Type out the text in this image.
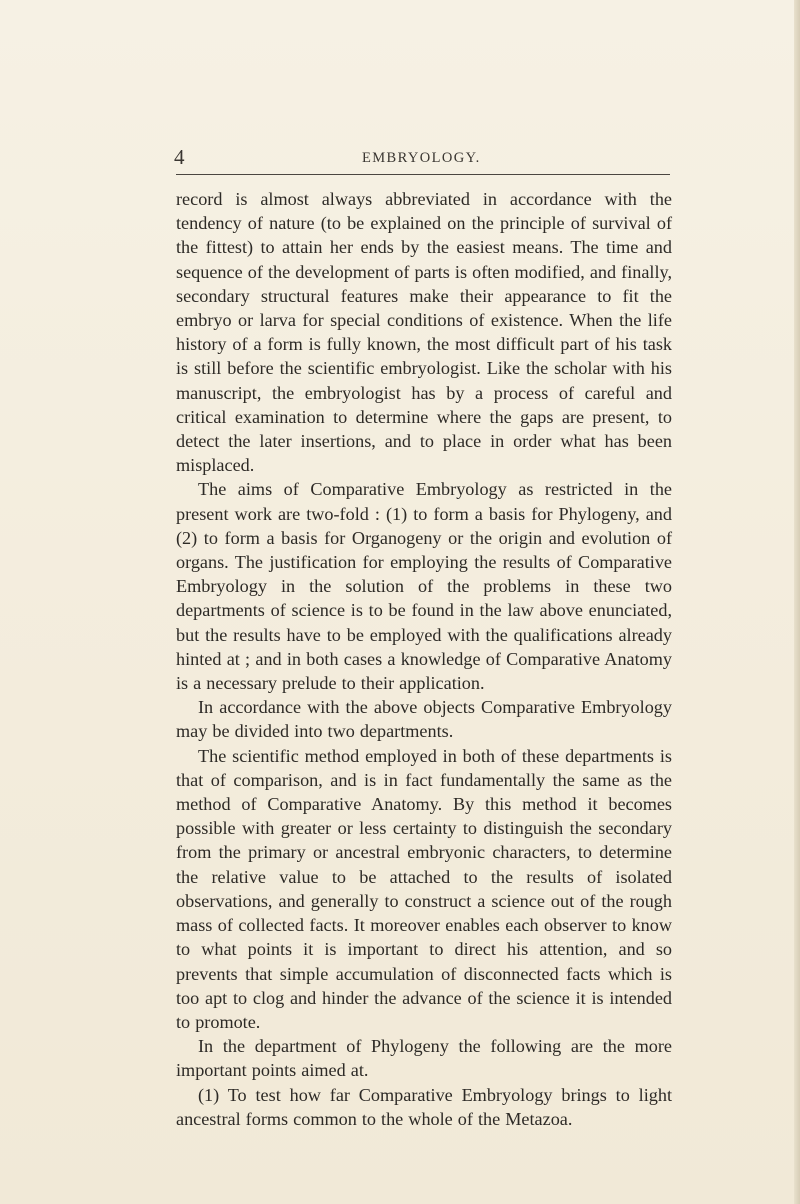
4	EMBRYOLOGY.

record is almost always abbreviated in accordance with the tendency of nature (to be explained on the principle of survival of the fittest) to attain her ends by the easiest means. The time and sequence of the development of parts is often modified, and finally, secondary structural features make their appearance to fit the embryo or larva for special conditions of existence. When the life history of a form is fully known, the most difficult part of his task is still before the scientific embryologist. Like the scholar with his manuscript, the embryologist has by a process of careful and critical examination to determine where the gaps are present, to detect the later insertions, and to place in order what has been misplaced.

The aims of Comparative Embryology as restricted in the present work are two-fold : (1) to form a basis for Phylogeny, and (2) to form a basis for Organogeny or the origin and evolution of organs. The justification for employing the results of Comparative Embryology in the solution of the problems in these two departments of science is to be found in the law above enunciated, but the results have to be employed with the qualifications already hinted at ; and in both cases a knowledge of Comparative Anatomy is a necessary prelude to their application.

In accordance with the above objects Comparative Embryology may be divided into two departments.

The scientific method employed in both of these departments is that of comparison, and is in fact fundamentally the same as the method of Comparative Anatomy. By this method it becomes possible with greater or less certainty to distinguish the secondary from the primary or ancestral embryonic characters, to determine the relative value to be attached to the results of isolated observations, and generally to construct a science out of the rough mass of collected facts. It moreover enables each observer to know to what points it is important to direct his attention, and so prevents that simple accumulation of disconnected facts which is too apt to clog and hinder the advance of the science it is intended to promote.

In the department of Phylogeny the following are the more important points aimed at.

(1) To test how far Comparative Embryology brings to light ancestral forms common to the whole of the Metazoa.
